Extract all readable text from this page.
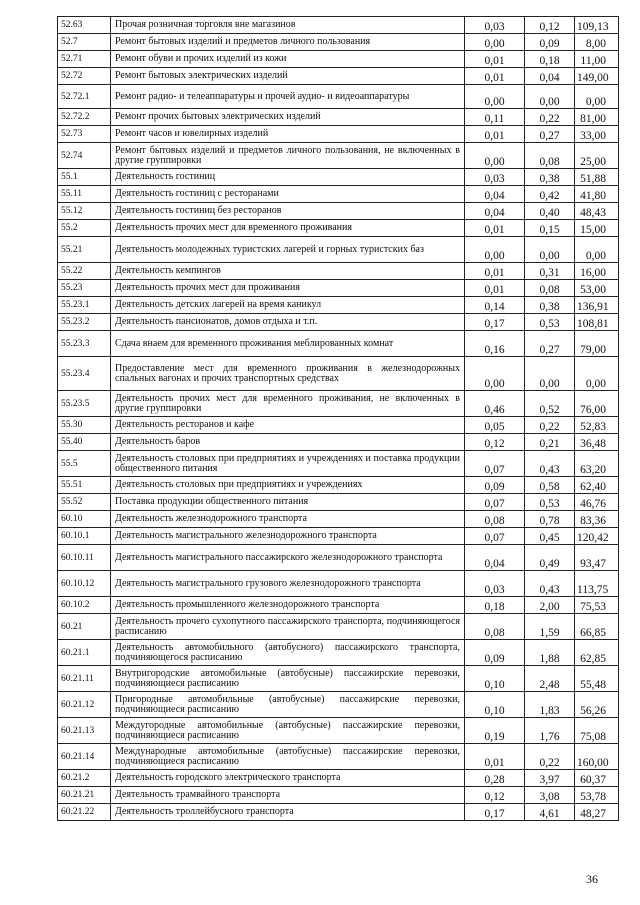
52.63	Прочая розничная торговля вне магазинов	0,03	0,12	109,13
52.7	Ремонт бытовых изделий и предметов личного пользования	0,00	0,09	8,00
52.71	Ремонт обуви и прочих изделий из кожи	0,01	0,18	11,00
52.72	Ремонт бытовых электрических изделий	0,01	0,04	149,00
52.72.1	Ремонт радио- и телеаппаратуры и прочей аудио- и видеоаппаратуры	0,00	0,00	0,00
52.72.2	Ремонт прочих бытовых электрических изделий	0,11	0,22	81,00
52.73	Ремонт часов и ювелирных изделий	0,01	0,27	33,00
52.74	Ремонт бытовых изделий и предметов личного пользования, не включенных в другие группировки	0,00	0,08	25,00
55.1	Деятельность гостиниц	0,03	0,38	51,88
55.11	Деятельность гостиниц с ресторанами	0,04	0,42	41,80
55.12	Деятельность гостиниц без ресторанов	0,04	0,40	48,43
55.2	Деятельность прочих мест для временного проживания	0,01	0,15	15,00
55.21	Деятельность молодежных туристских лагерей и горных туристских баз	0,00	0,00	0,00
55.22	Деятельность кемпингов	0,01	0,31	16,00
55.23	Деятельность прочих мест для проживания	0,01	0,08	53,00
55.23.1	Деятельность детских лагерей на время каникул	0,14	0,38	136,91
55.23.2	Деятельность пансионатов, домов отдыха и т.п.	0,17	0,53	108,81
55.23.3	Сдача внаем для временного проживания меблированных комнат	0,16	0,27	79,00
55.23.4	Предоставление мест для временного проживания в железнодорожных спальных вагонах и прочих транспортных средствах	0,00	0,00	0,00
55.23.5	Деятельность прочих мест для временного проживания, не включенных в другие группировки	0,46	0,52	76,00
55.30	Деятельность ресторанов и кафе	0,05	0,22	52,83
55.40	Деятельность баров	0,12	0,21	36,48
55.5	Деятельность столовых при предприятиях и учреждениях и поставка продукции общественного питания	0,07	0,43	63,20
55.51	Деятельность столовых при предприятиях и учреждениях	0,09	0,58	62,40
55.52	Поставка продукции общественного питания	0,07	0,53	46,76
60.10	Деятельность железнодорожного транспорта	0,08	0,78	83,36
60.10.1	Деятельность магистрального железнодорожного транспорта	0,07	0,45	120,42
60.10.11	Деятельность магистрального пассажирского железнодорожного транспорта	0,04	0,49	93,47
60.10.12	Деятельность магистрального грузового железнодорожного транспорта	0,03	0,43	113,75
60.10.2	Деятельность промышленного железнодорожного транспорта	0,18	2,00	75,53
60.21	Деятельность прочего сухопутного пассажирского транспорта, подчиняющегося расписанию	0,08	1,59	66,85
60.21.1	Деятельность автомобильного (автобусного) пассажирского транспорта, подчиняющегося расписанию	0,09	1,88	62,85
60.21.11	Внутригородские автомобильные (автобусные) пассажирские перевозки, подчиняющиеся расписанию	0,10	2,48	55,48
60.21.12	Пригородные автомобильные (автобусные) пассажирские перевозки, подчиняющиеся расписанию	0,10	1,83	56,26
60.21.13	Междугородные автомобильные (автобусные) пассажирские перевозки, подчиняющиеся расписанию	0,19	1,76	75,08
60.21.14	Международные автомобильные (автобусные) пассажирские перевозки, подчиняющиеся расписанию	0,01	0,22	160,00
60.21.2	Деятельность городского электрического транспорта	0,28	3,97	60,37
60.21.21	Деятельность трамвайного транспорта	0,12	3,08	53,78
60.21.22	Деятельность троллейбусного транспорта	0,17	4,61	48,27
36
